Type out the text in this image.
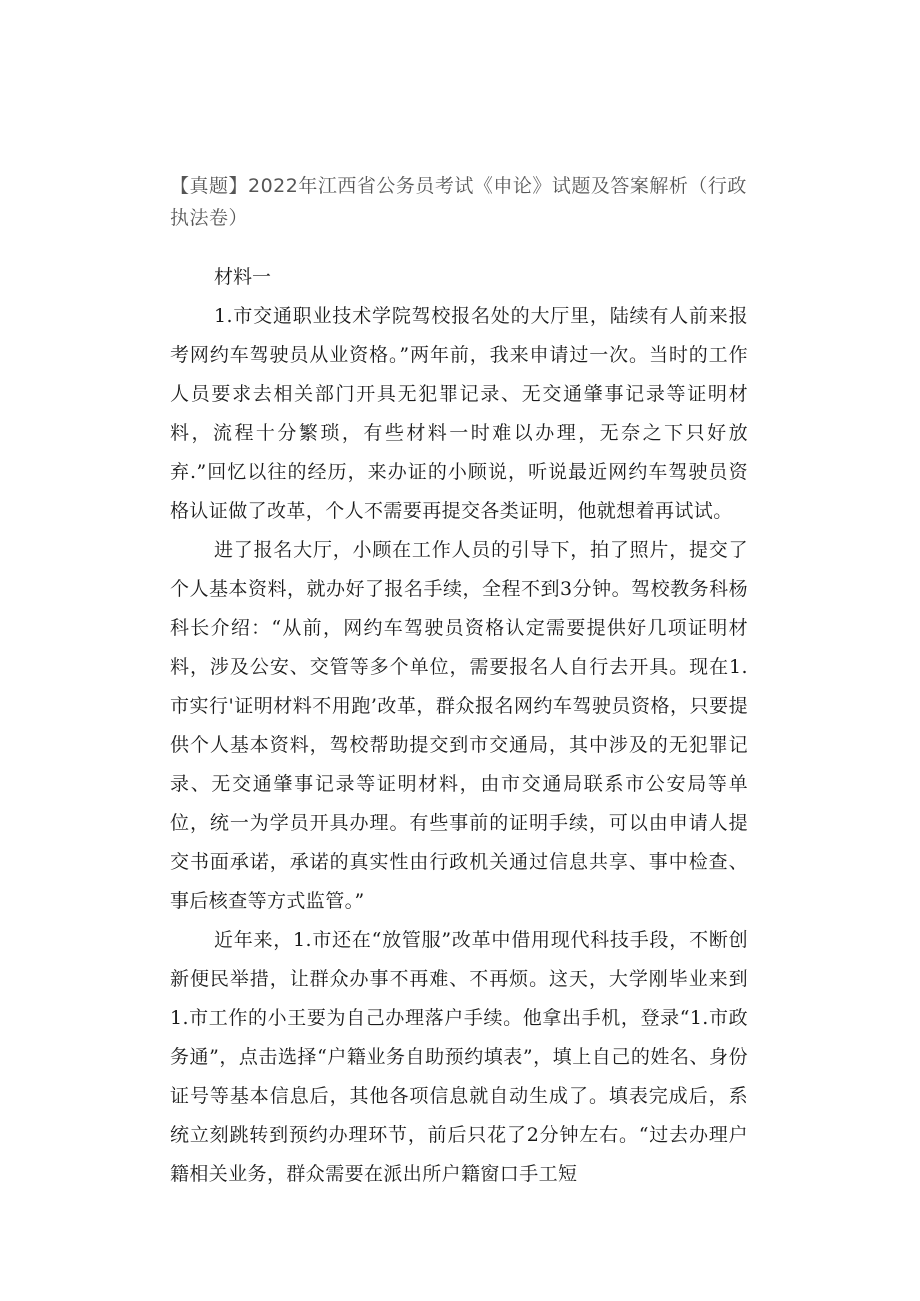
【真题】2022年江西省公务员考试《申论》试题及答案解析（行政执法卷）

材料一

1.市交通职业技术学院驾校报名处的大厅里，陆续有人前来报考网约车驾驶员从业资格。”两年前，我来申请过一次。当时的工作人员要求去相关部门开具无犯罪记录、无交通肇事记录等证明材料，流程十分繁琐，有些材料一时难以办理，无奈之下只好放弃.”回忆以往的经历，来办证的小顾说，听说最近网约车驾驶员资格认证做了改革，个人不需要再提交各类证明，他就想着再试试。

进了报名大厅，小顾在工作人员的引导下，拍了照片，提交了个人基本资料，就办好了报名手续，全程不到3分钟。驾校教务科杨科长介绍：“从前，网约车驾驶员资格认定需要提供好几项证明材料，涉及公安、交管等多个单位，需要报名人自行去开具。现在1.市实行'证明材料不用跑’改革，群众报名网约车驾驶员资格，只要提供个人基本资料，驾校帮助提交到市交通局，其中涉及的无犯罪记录、无交通肇事记录等证明材料，由市交通局联系市公安局等单位，统一为学员开具办理。有些事前的证明手续，可以由申请人提交书面承诺，承诺的真实性由行政机关通过信息共享、事中检查、事后核查等方式监管。”

近年来，1.市还在“放管服”改革中借用现代科技手段，不断创新便民举措，让群众办事不再难、不再烦。这天，大学刚毕业来到1.市工作的小王要为自己办理落户手续。他拿出手机，登录“1.市政务通”，点击选择“户籍业务自助预约填表”，填上自己的姓名、身份证号等基本信息后，其他各项信息就自动生成了。填表完成后，系统立刻跳转到预约办理环节，前后只花了2分钟左右。“过去办理户籍相关业务，群众需要在派出所户籍窗口手工短
